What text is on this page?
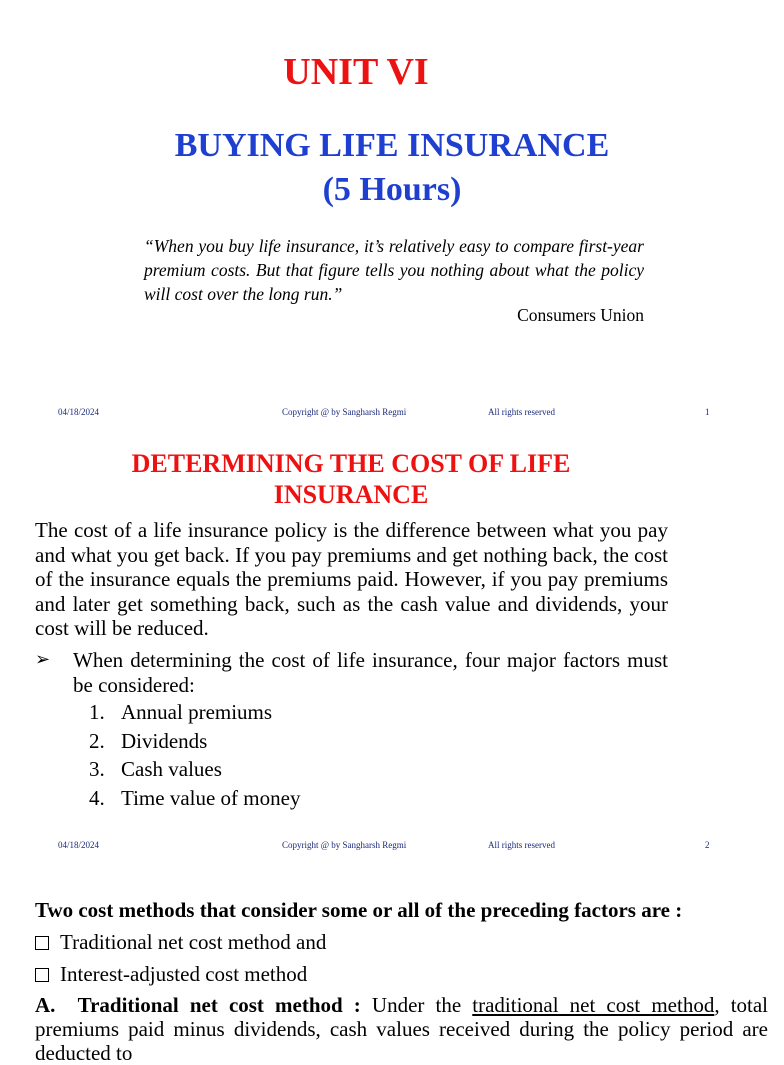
UNIT VI
BUYING LIFE INSURANCE
(5 Hours)
“When you buy life insurance, it’s relatively easy to compare first-year premium costs. But that figure tells you nothing about what the policy will cost over the long run.”
Consumers Union
04/18/2024	Copyright @ by Sangharsh Regmi	All rights reserved	1
DETERMINING THE COST OF LIFE
INSURANCE
The cost of a life insurance policy is the difference between what you pay and what you get back. If you pay premiums and get nothing back, the cost of the insurance equals the premiums paid. However, if you pay premiums and later get something back, such as the cash value and dividends, your cost will be reduced.
➢ When determining the cost of life insurance, four major factors must be considered:
1. Annual premiums
2. Dividends
3. Cash values
4. Time value of money
04/18/2024	Copyright @ by Sangharsh Regmi	All rights reserved	2
Two cost methods that consider some or all of the preceding factors are :
Traditional net cost method and
Interest-adjusted cost method
A. Traditional net cost method : Under the traditional net cost method, total premiums paid minus dividends, cash values received during the policy period are deducted to
